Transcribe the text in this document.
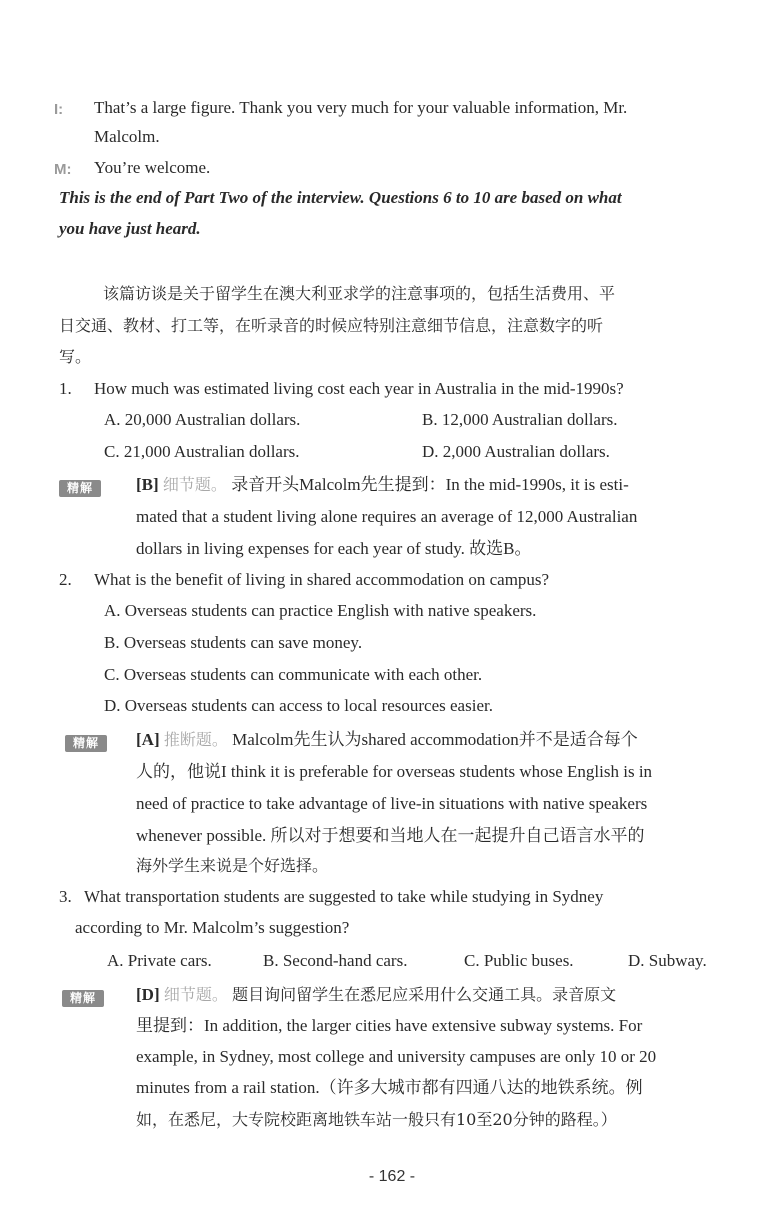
I: That’s a large figure. Thank you very much for your valuable information, Mr.
Malcolm.
M: You’re welcome.
This is the end of Part Two of the interview. Questions 6 to 10 are based on what
you have just heard.
该篇访谈是关于留学生在澳大利亚求学的注意事项的，包括生活费用、平
日交通、教材、打工等，在听录音的时候应特别注意细节信息，注意数字的听
写。
1. How much was estimated living cost each year in Australia in the mid-1990s?
A. 20,000 Australian dollars.	B. 12,000 Australian dollars.
C. 21,000 Australian dollars.	D. 2,000 Australian dollars.
精解	[B] 细节题。 录音开头Malcolm先生提到：In the mid-1990s, it is esti-
mated that a student living alone requires an average of 12,000 Australian
dollars in living expenses for each year of study. 故选B。
2. What is the benefit of living in shared accommodation on campus?
A. Overseas students can practice English with native speakers.
B. Overseas students can save money.
C. Overseas students can communicate with each other.
D. Overseas students can access to local resources easier.
精解	[A] 推断题。 Malcolm先生认为shared accommodation并不是适合每个
人的，他说I think it is preferable for overseas students whose English is in
need of practice to take advantage of live-in situations with native speakers
whenever possible. 所以对于想要和当地人在一起提升自己语言水平的
海外学生来说是个好选择。
3. What transportation students are suggested to take while studying in Sydney
according to Mr. Malcolm’s suggestion?
A. Private cars.	B. Second-hand cars.	C. Public buses.	D. Subway.
精解	[D] 细节题。 题目询问留学生在悉尼应采用什么交通工具。录音原文
里提到：In addition, the larger cities have extensive subway systems. For
example, in Sydney, most college and university campuses are only 10 or 20
minutes from a rail station.（许多大城市都有四通八达的地铁系统。例
如，在悉尼，大专院校距离地铁车站一般只有10至20分钟的路程。）
- 162 -
